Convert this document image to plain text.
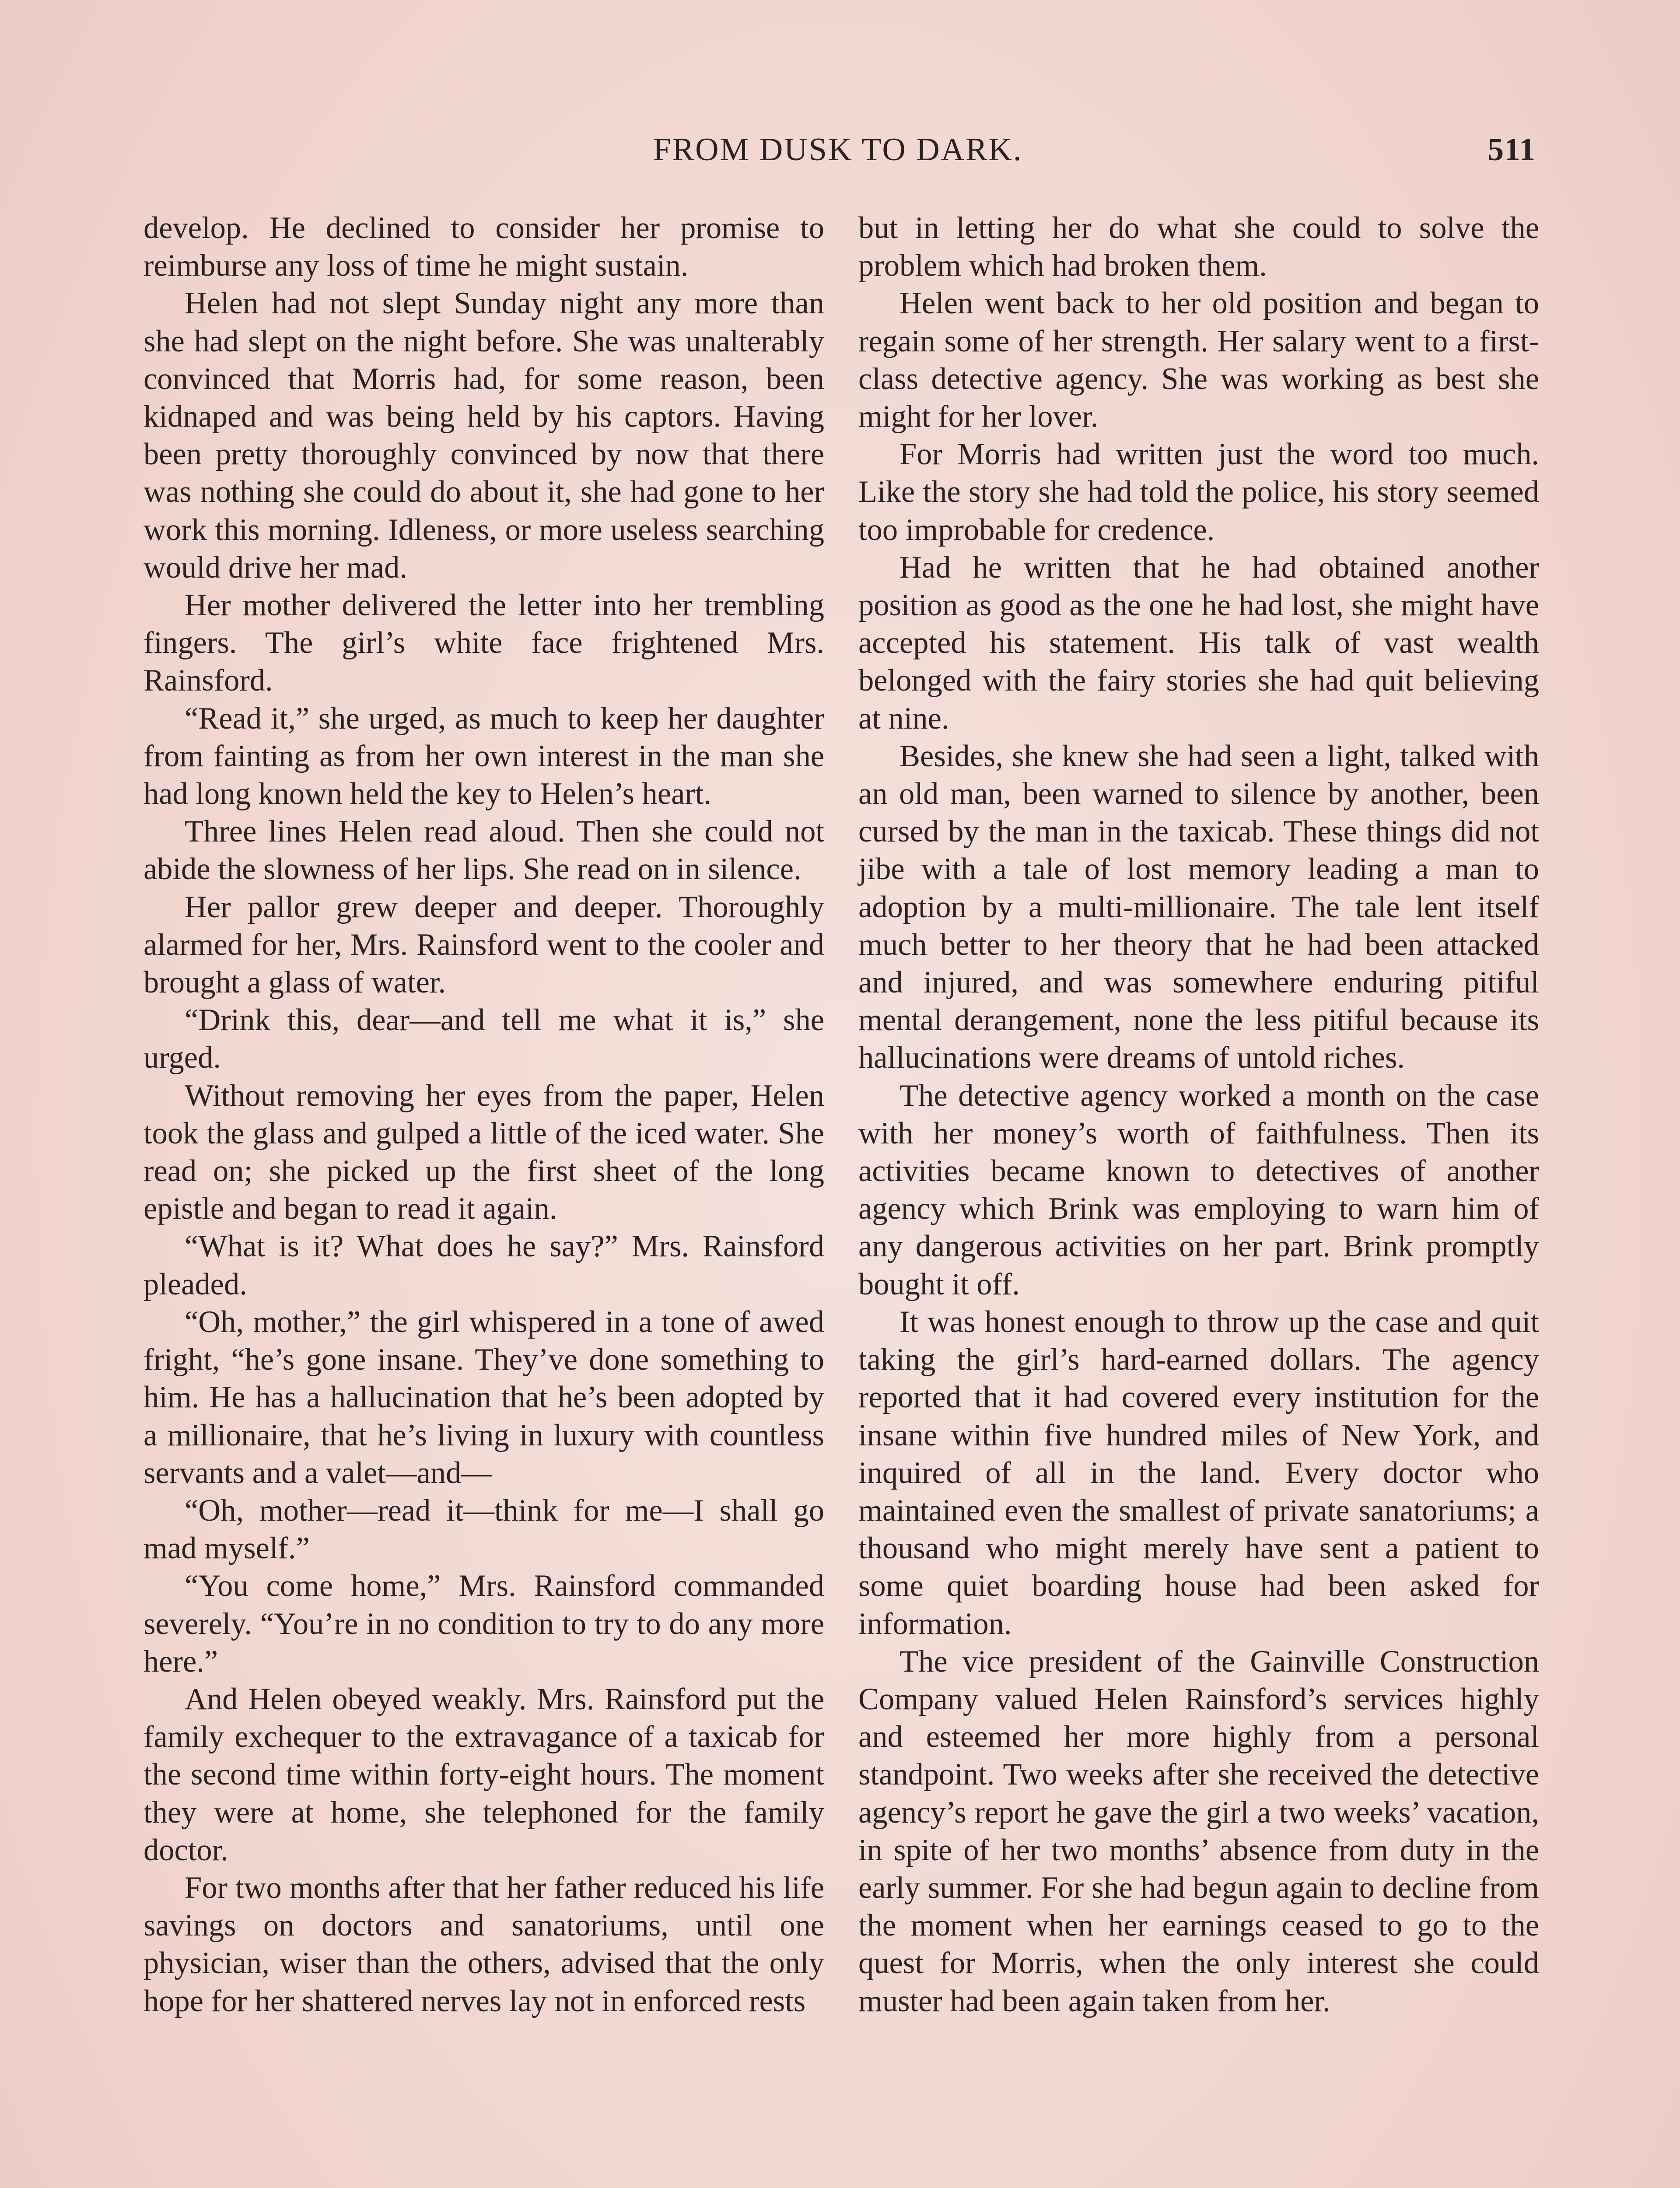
FROM DUSK TO DARK.	511

develop. He declined to consider her promise to reimburse any loss of time he might sustain.

Helen had not slept Sunday night any more than she had slept on the night before. She was unalterably convinced that Morris had, for some reason, been kidnaped and was being held by his captors. Having been pretty thoroughly convinced by now that there was nothing she could do about it, she had gone to her work this morning. Idleness, or more useless searching would drive her mad.

Her mother delivered the letter into her trembling fingers. The girl’s white face frightened Mrs. Rainsford.

“Read it,” she urged, as much to keep her daughter from fainting as from her own interest in the man she had long known held the key to Helen’s heart.

Three lines Helen read aloud. Then she could not abide the slowness of her lips. She read on in silence.

Her pallor grew deeper and deeper. Thoroughly alarmed for her, Mrs. Rainsford went to the cooler and brought a glass of water.

“Drink this, dear—and tell me what it is,” she urged.

Without removing her eyes from the paper, Helen took the glass and gulped a little of the iced water. She read on; she picked up the first sheet of the long epistle and began to read it again.

“What is it? What does he say?” Mrs. Rainsford pleaded.

“Oh, mother,” the girl whispered in a tone of awed fright, “he’s gone insane. They’ve done something to him. He has a hallucination that he’s been adopted by a millionaire, that he’s living in luxury with countless servants and a valet—and—

“Oh, mother—read it—think for me—I shall go mad myself.”

“You come home,” Mrs. Rainsford commanded severely. “You’re in no condition to try to do any more here.”

And Helen obeyed weakly. Mrs. Rainsford put the family exchequer to the extravagance of a taxicab for the second time within forty-eight hours. The moment they were at home, she telephoned for the family doctor.

For two months after that her father reduced his life savings on doctors and sanatoriums, until one physician, wiser than the others, advised that the only hope for her shattered nerves lay not in enforced rests

but in letting her do what she could to solve the problem which had broken them.

Helen went back to her old position and began to regain some of her strength. Her salary went to a first-class detective agency. She was working as best she might for her lover.

For Morris had written just the word too much. Like the story she had told the police, his story seemed too improbable for credence.

Had he written that he had obtained another position as good as the one he had lost, she might have accepted his statement. His talk of vast wealth belonged with the fairy stories she had quit believing at nine.

Besides, she knew she had seen a light, talked with an old man, been warned to silence by another, been cursed by the man in the taxicab. These things did not jibe with a tale of lost memory leading a man to adoption by a multi-millionaire. The tale lent itself much better to her theory that he had been attacked and injured, and was somewhere enduring pitiful mental derangement, none the less pitiful because its hallucinations were dreams of untold riches.

The detective agency worked a month on the case with her money’s worth of faithfulness. Then its activities became known to detectives of another agency which Brink was employing to warn him of any dangerous activities on her part. Brink promptly bought it off.

It was honest enough to throw up the case and quit taking the girl’s hard-earned dollars. The agency reported that it had covered every institution for the insane within five hundred miles of New York, and inquired of all in the land. Every doctor who maintained even the smallest of private sanatoriums; a thousand who might merely have sent a patient to some quiet boarding house had been asked for information.

The vice president of the Gainville Construction Company valued Helen Rainsford’s services highly and esteemed her more highly from a personal standpoint. Two weeks after she received the detective agency’s report he gave the girl a two weeks’ vacation, in spite of her two months’ absence from duty in the early summer. For she had begun again to decline from the moment when her earnings ceased to go to the quest for Morris, when the only interest she could muster had been again taken from her.
